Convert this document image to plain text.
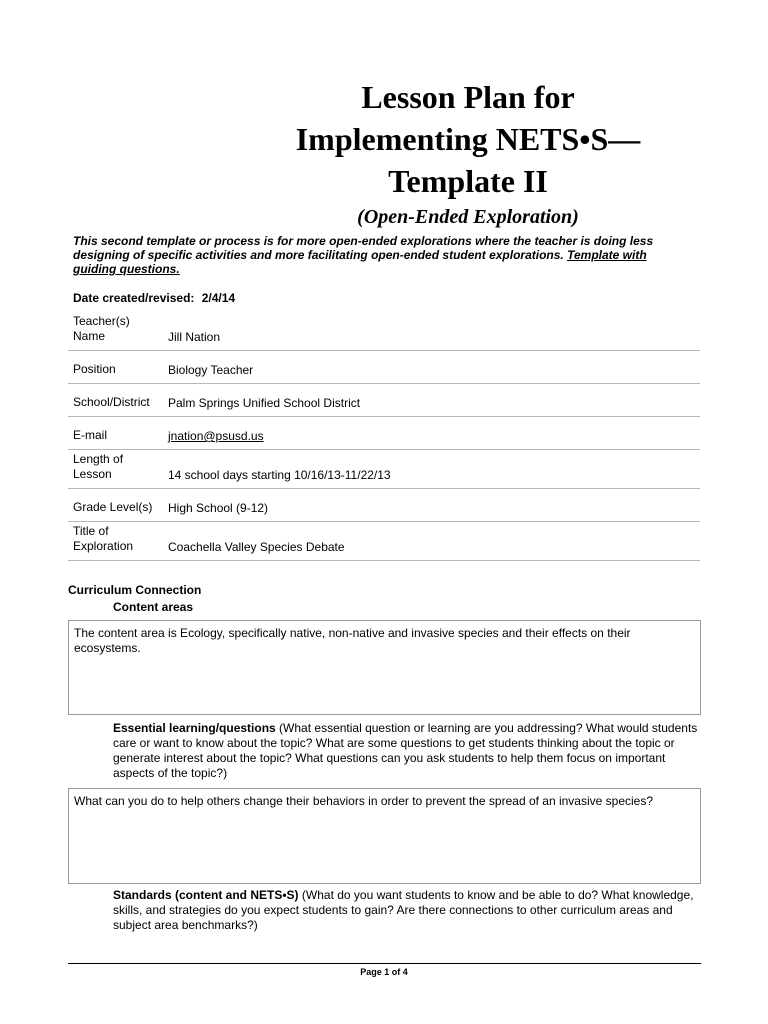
Lesson Plan for
Implementing NETS•S—
Template II
(Open-Ended Exploration)
This second template or process is for more open-ended explorations where the teacher is doing less designing of specific activities and more facilitating open-ended student explorations. Template with guiding questions.
Date created/revised: 2/4/14
Teacher(s) Name	Jill Nation
Position	Biology Teacher
School/District	Palm Springs Unified School District
E-mail	jnation@psusd.us
Length of Lesson	14 school days starting 10/16/13-11/22/13
Grade Level(s)	High School (9-12)
Title of Exploration	Coachella Valley Species Debate
Curriculum Connection
Content areas
The content area is Ecology, specifically native, non-native and invasive species and their effects on their ecosystems.
Essential learning/questions (What essential question or learning are you addressing? What would students care or want to know about the topic? What are some questions to get students thinking about the topic or generate interest about the topic? What questions can you ask students to help them focus on important aspects of the topic?)
What can you do to help others change their behaviors in order to prevent the spread of an invasive species?
Standards (content and NETS•S) (What do you want students to know and be able to do? What knowledge, skills, and strategies do you expect students to gain? Are there connections to other curriculum areas and subject area benchmarks?)
Page 1 of 4
